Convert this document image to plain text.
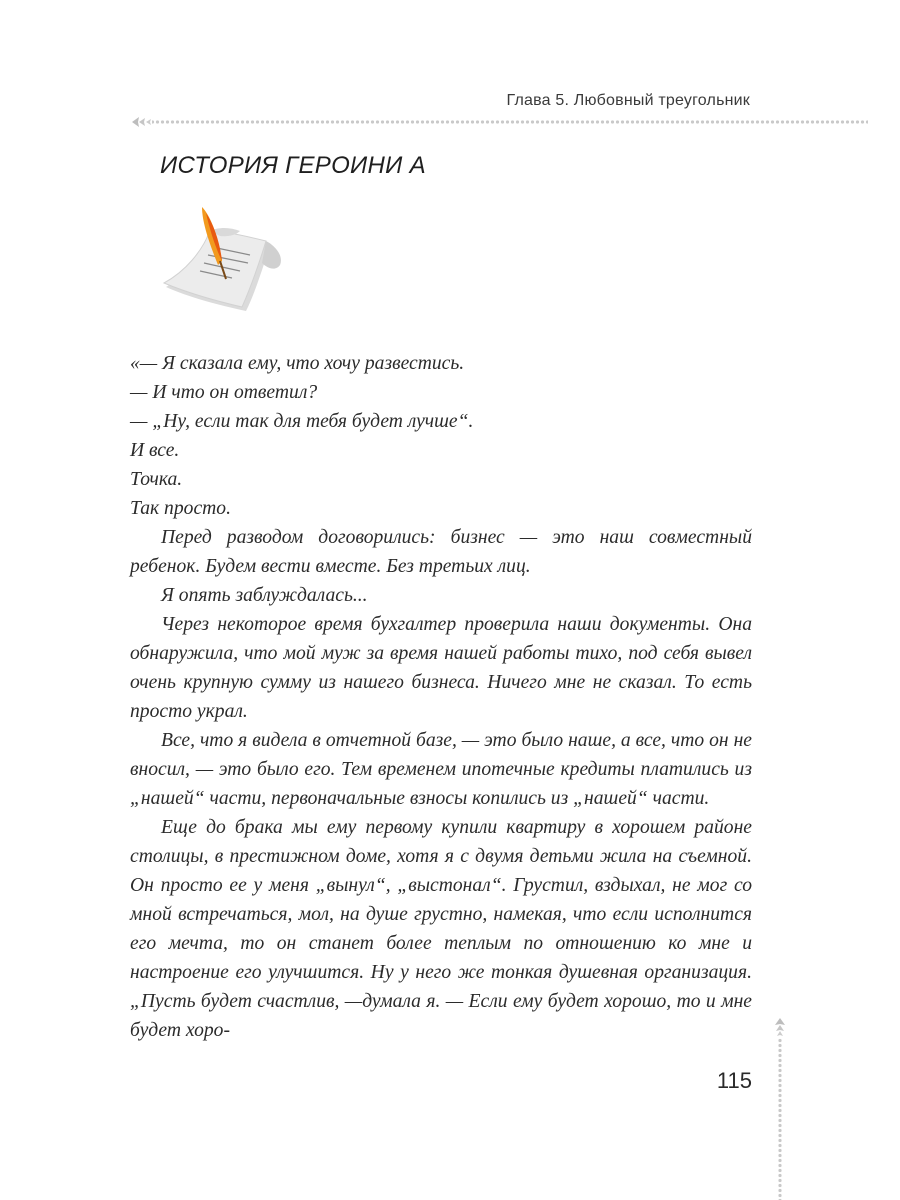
Глава 5. Любовный треугольник
ИСТОРИЯ ГЕРОИНИ А

«— Я сказала ему, что хочу развестись.

— И что он ответил?

— „Ну, если так для тебя будет лучше“.

И все.

Точка.

Так просто.

Перед разводом договорились: бизнес — это наш совместный ребенок. Будем вести вместе. Без третьих лиц.

Я опять заблуждалась...

Через некоторое время бухгалтер проверила наши документы. Она обнаружила, что мой муж за время нашей работы тихо, под себя вывел очень крупную сумму из нашего бизнеса. Ничего мне не сказал. То есть просто украл.

Все, что я видела в отчетной базе, — это было наше, а все, что он не вносил, — это было его. Тем временем ипотечные кредиты платились из „нашей“ части, первоначальные взносы копились из „нашей“ части.

Еще до брака мы ему первому купили квартиру в хорошем районе столицы, в престижном доме, хотя я с двумя детьми жила на съемной. Он просто ее у меня „вынул“, „выстонал“. Грустил, вздыхал, не мог со мной встречаться, мол, на душе грустно, намекая, что если исполнится его мечта, то он станет более теплым по отношению ко мне и настроение его улучшится. Ну у него же тонкая душевная организация. „Пусть будет счастлив, —думала я. — Если ему будет хорошо, то и мне будет хоро-

115
